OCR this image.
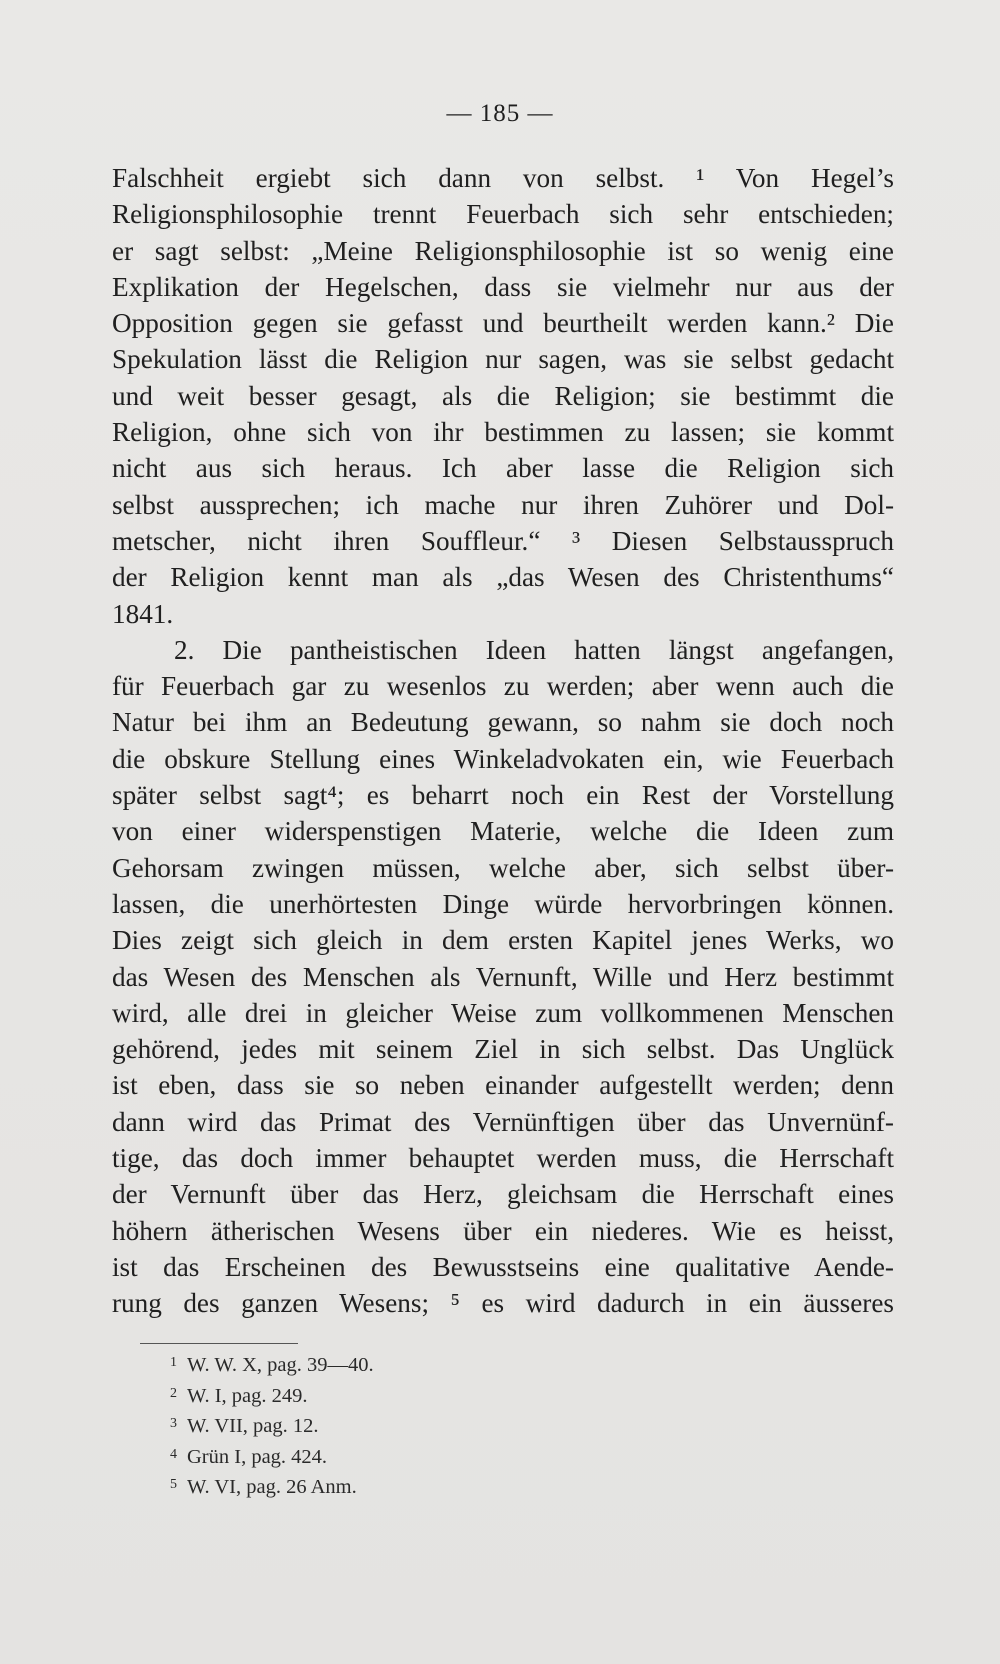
— 185 —
Falschheit ergiebt sich dann von selbst. ¹ Von Hegel’s
Religionsphilosophie trennt Feuerbach sich sehr entschieden;
er sagt selbst: „Meine Religionsphilosophie ist so wenig eine
Explikation der Hegelschen, dass sie vielmehr nur aus der
Opposition gegen sie gefasst und beurtheilt werden kann.² Die
Spekulation lässt die Religion nur sagen, was sie selbst gedacht
und weit besser gesagt, als die Religion; sie bestimmt die
Religion, ohne sich von ihr bestimmen zu lassen; sie kommt
nicht aus sich heraus. Ich aber lasse die Religion sich
selbst aussprechen; ich mache nur ihren Zuhörer und Dol-
metscher, nicht ihren Souffleur.“ ³ Diesen Selbstausspruch
der Religion kennt man als „das Wesen des Christenthums“
1841.
2. Die pantheistischen Ideen hatten längst angefangen,
für Feuerbach gar zu wesenlos zu werden; aber wenn auch die
Natur bei ihm an Bedeutung gewann, so nahm sie doch noch
die obskure Stellung eines Winkeladvokaten ein, wie Feuerbach
später selbst sagt⁴; es beharrt noch ein Rest der Vorstellung
von einer widerspenstigen Materie, welche die Ideen zum
Gehorsam zwingen müssen, welche aber, sich selbst über-
lassen, die unerhörtesten Dinge würde hervorbringen können.
Dies zeigt sich gleich in dem ersten Kapitel jenes Werks, wo
das Wesen des Menschen als Vernunft, Wille und Herz bestimmt
wird, alle drei in gleicher Weise zum vollkommenen Menschen
gehörend, jedes mit seinem Ziel in sich selbst. Das Unglück
ist eben, dass sie so neben einander aufgestellt werden; denn
dann wird das Primat des Vernünftigen über das Unvernünf-
tige, das doch immer behauptet werden muss, die Herrschaft
der Vernunft über das Herz, gleichsam die Herrschaft eines
höhern ätherischen Wesens über ein niederes. Wie es heisst,
ist das Erscheinen des Bewusstseins eine qualitative Aende-
rung des ganzen Wesens; ⁵ es wird dadurch in ein äusseres
$^1$ W. W. X, pag. 39—40.
$^2$ W. I, pag. 249.
$^3$ W. VII, pag. 12.
$^4$ Grün I, pag. 424.
$^5$ W. VI, pag. 26 Anm.
